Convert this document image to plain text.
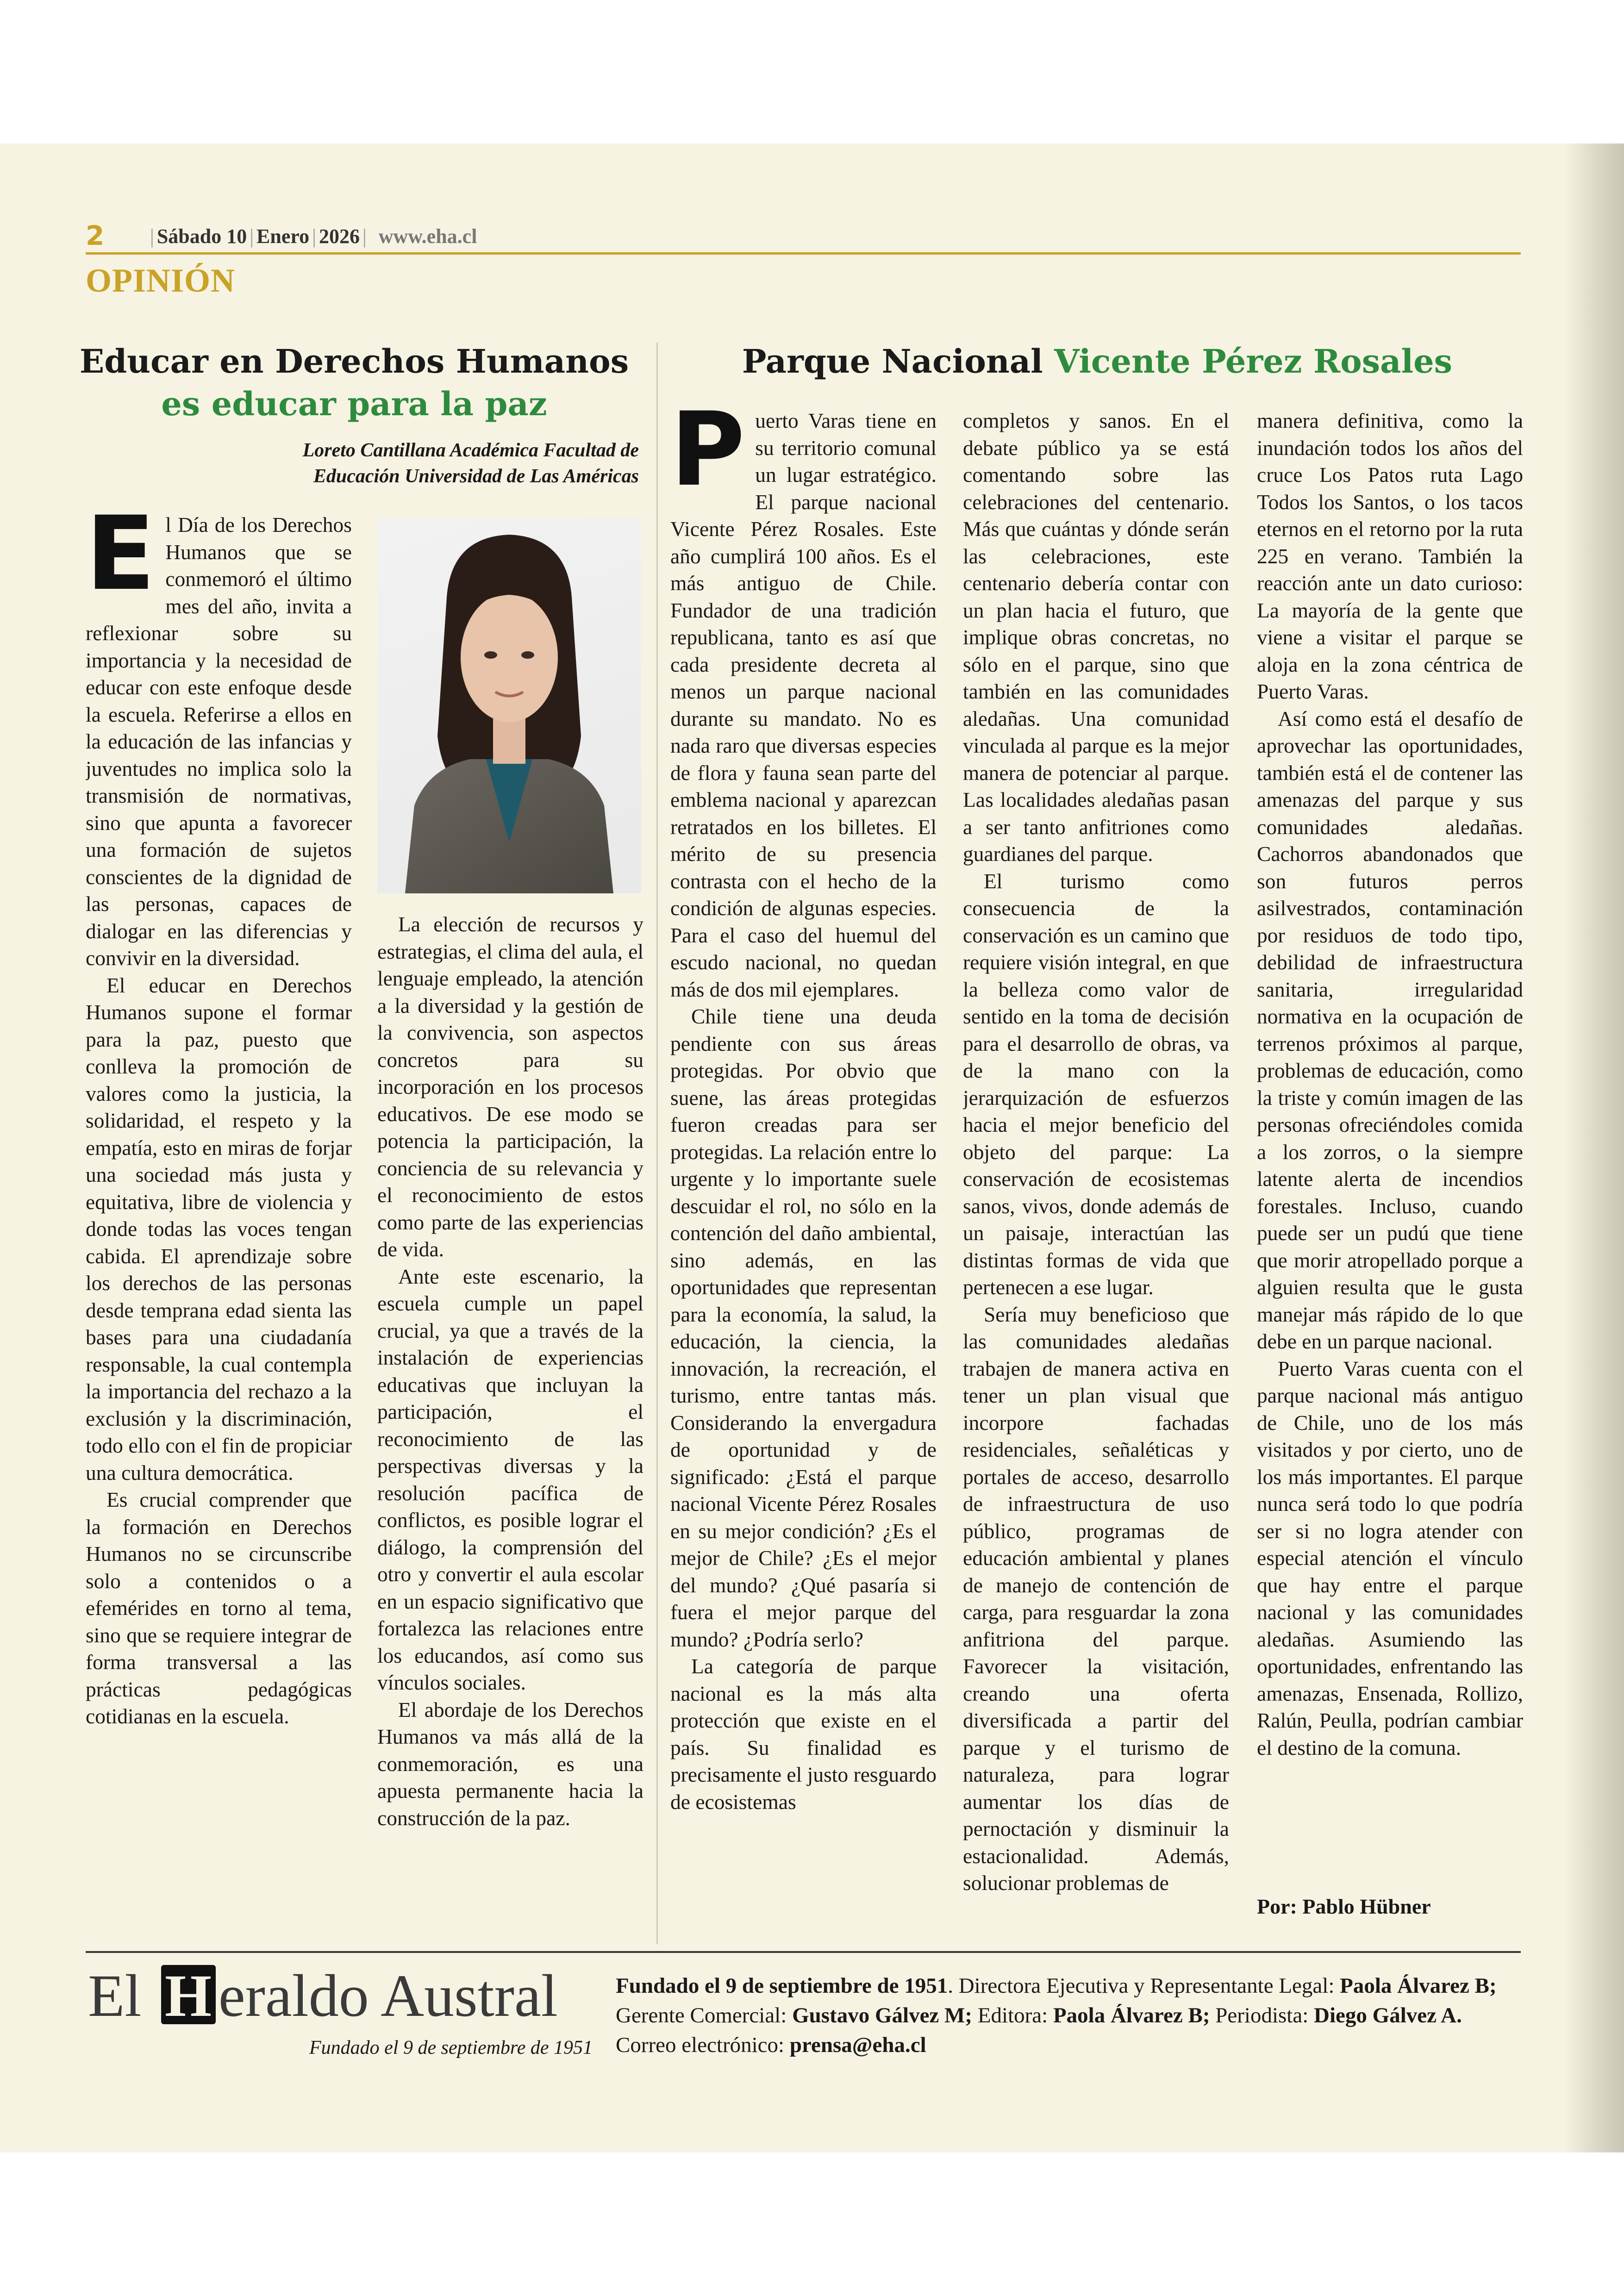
2 | Sábado 10 | Enero | 2026 | www.eha.cl
OPINIÓN
Educar en Derechos Humanos
es educar para la paz
Loreto Cantillana Académica Facultad de
Educación Universidad de Las Américas

El Día de los Derechos Humanos que se conmemoró el último mes del año, invita a reflexionar sobre su importancia y la necesidad de educar con este enfoque desde la escuela. Referirse a ellos en la educación de las infancias y juventudes no implica solo la transmisión de normativas, sino que apunta a favorecer una formación de sujetos conscientes de la dignidad de las personas, capaces de dialogar en las diferencias y convivir en la diversidad.

El educar en Derechos Humanos supone el formar para la paz, puesto que conlleva la promoción de valores como la justicia, la solidaridad, el respeto y la empatía, esto en miras de forjar una sociedad más justa y equitativa, libre de violencia y donde todas las voces tengan cabida. El aprendizaje sobre los derechos de las personas desde temprana edad sienta las bases para una ciudadanía responsable, la cual contempla la importancia del rechazo a la exclusión y la discriminación, todo ello con el fin de propiciar una cultura democrática.

Es crucial comprender que la formación en Derechos Humanos no se circunscribe solo a contenidos o a efemérides en torno al tema, sino que se requiere integrar de forma transversal a las prácticas pedagógicas cotidianas en la escuela.

La elección de recursos y estrategias, el clima del aula, el lenguaje empleado, la atención a la diversidad y la gestión de la convivencia, son aspectos concretos para su incorporación en los procesos educativos. De ese modo se potencia la participación, la conciencia de su relevancia y el reconocimiento de estos como parte de las experiencias de vida.

Ante este escenario, la escuela cumple un papel crucial, ya que a través de la instalación de experiencias educativas que incluyan la participación, el reconocimiento de las perspectivas diversas y la resolución pacífica de conflictos, es posible lograr el diálogo, la comprensión del otro y convertir el aula escolar en un espacio significativo que fortalezca las relaciones entre los educandos, así como sus vínculos sociales.

El abordaje de los Derechos Humanos va más allá de la conmemoración, es una apuesta permanente hacia la construcción de la paz.

Parque Nacional Vicente Pérez Rosales

Puerto Varas tiene en su territorio comunal un lugar estratégico. El parque nacional Vicente Pérez Rosales. Este año cumplirá 100 años. Es el más antiguo de Chile. Fundador de una tradición republicana, tanto es así que cada presidente decreta al menos un parque nacional durante su mandato. No es nada raro que diversas especies de flora y fauna sean parte del emblema nacional y aparezcan retratados en los billetes. El mérito de su presencia contrasta con el hecho de la condición de algunas especies. Para el caso del huemul del escudo nacional, no quedan más de dos mil ejemplares.

Chile tiene una deuda pendiente con sus áreas protegidas. Por obvio que suene, las áreas protegidas fueron creadas para ser protegidas. La relación entre lo urgente y lo importante suele descuidar el rol, no sólo en la contención del daño ambiental, sino además, en las oportunidades que representan para la economía, la salud, la educación, la ciencia, la innovación, la recreación, el turismo, entre tantas más. Considerando la envergadura de oportunidad y de significado: ¿Está el parque nacional Vicente Pérez Rosales en su mejor condición? ¿Es el mejor de Chile? ¿Es el mejor del mundo? ¿Qué pasaría si fuera el mejor parque del mundo? ¿Podría serlo?

La categoría de parque nacional es la más alta protección que existe en el país. Su finalidad es precisamente el justo resguardo de ecosistemas

completos y sanos. En el debate público ya se está comentando sobre las celebraciones del centenario. Más que cuántas y dónde serán las celebraciones, este centenario debería contar con un plan hacia el futuro, que implique obras concretas, no sólo en el parque, sino que también en las comunidades aledañas. Una comunidad vinculada al parque es la mejor manera de potenciar al parque. Las localidades aledañas pasan a ser tanto anfitriones como guardianes del parque.

El turismo como consecuencia de la conservación es un camino que requiere visión integral, en que la belleza como valor de sentido en la toma de decisión para el desarrollo de obras, va de la mano con la jerarquización de esfuerzos hacia el mejor beneficio del objeto del parque: La conservación de ecosistemas sanos, vivos, donde además de un paisaje, interactúan las distintas formas de vida que pertenecen a ese lugar.

Sería muy beneficioso que las comunidades aledañas trabajen de manera activa en tener un plan visual que incorpore fachadas residenciales, señaléticas y portales de acceso, desarrollo de infraestructura de uso público, programas de educación ambiental y planes de manejo de contención de carga, para resguardar la zona anfitriona del parque. Favorecer la visitación, creando una oferta diversificada a partir del parque y el turismo de naturaleza, para lograr aumentar los días de pernoctación y disminuir la estacionalidad. Además, solucionar problemas de

manera definitiva, como la inundación todos los años del cruce Los Patos ruta Lago Todos los Santos, o los tacos eternos en el retorno por la ruta 225 en verano. También la reacción ante un dato curioso: La mayoría de la gente que viene a visitar el parque se aloja en la zona céntrica de Puerto Varas.

Así como está el desafío de aprovechar las oportunidades, también está el de contener las amenazas del parque y sus comunidades aledañas. Cachorros abandonados que son futuros perros asilvestrados, contaminación por residuos de todo tipo, debilidad de infraestructura sanitaria, irregularidad normativa en la ocupación de terrenos próximos al parque, problemas de educación, como la triste y común imagen de las personas ofreciéndoles comida a los zorros, o la siempre latente alerta de incendios forestales. Incluso, cuando puede ser un pudú que tiene que morir atropellado porque a alguien resulta que le gusta manejar más rápido de lo que debe en un parque nacional.

Puerto Varas cuenta con el parque nacional más antiguo de Chile, uno de los más visitados y por cierto, uno de los más importantes. El parque nunca será todo lo que podría ser si no logra atender con especial atención el vínculo que hay entre el parque nacional y las comunidades aledañas. Asumiendo las oportunidades, enfrentando las amenazas, Ensenada, Rollizo, Ralún, Peulla, podrían cambiar el destino de la comuna.

Por: Pablo Hübner
El H eraldo Austral
Fundado el 9 de septiembre de 1951
Fundado el 9 de septiembre de 1951. Directora Ejecutiva y Representante Legal: Paola Álvarez B; Gerente Comercial: Gustavo Gálvez M; Editora: Paola Álvarez B; Periodista: Diego Gálvez A. Correo electrónico: prensa@eha.cl
